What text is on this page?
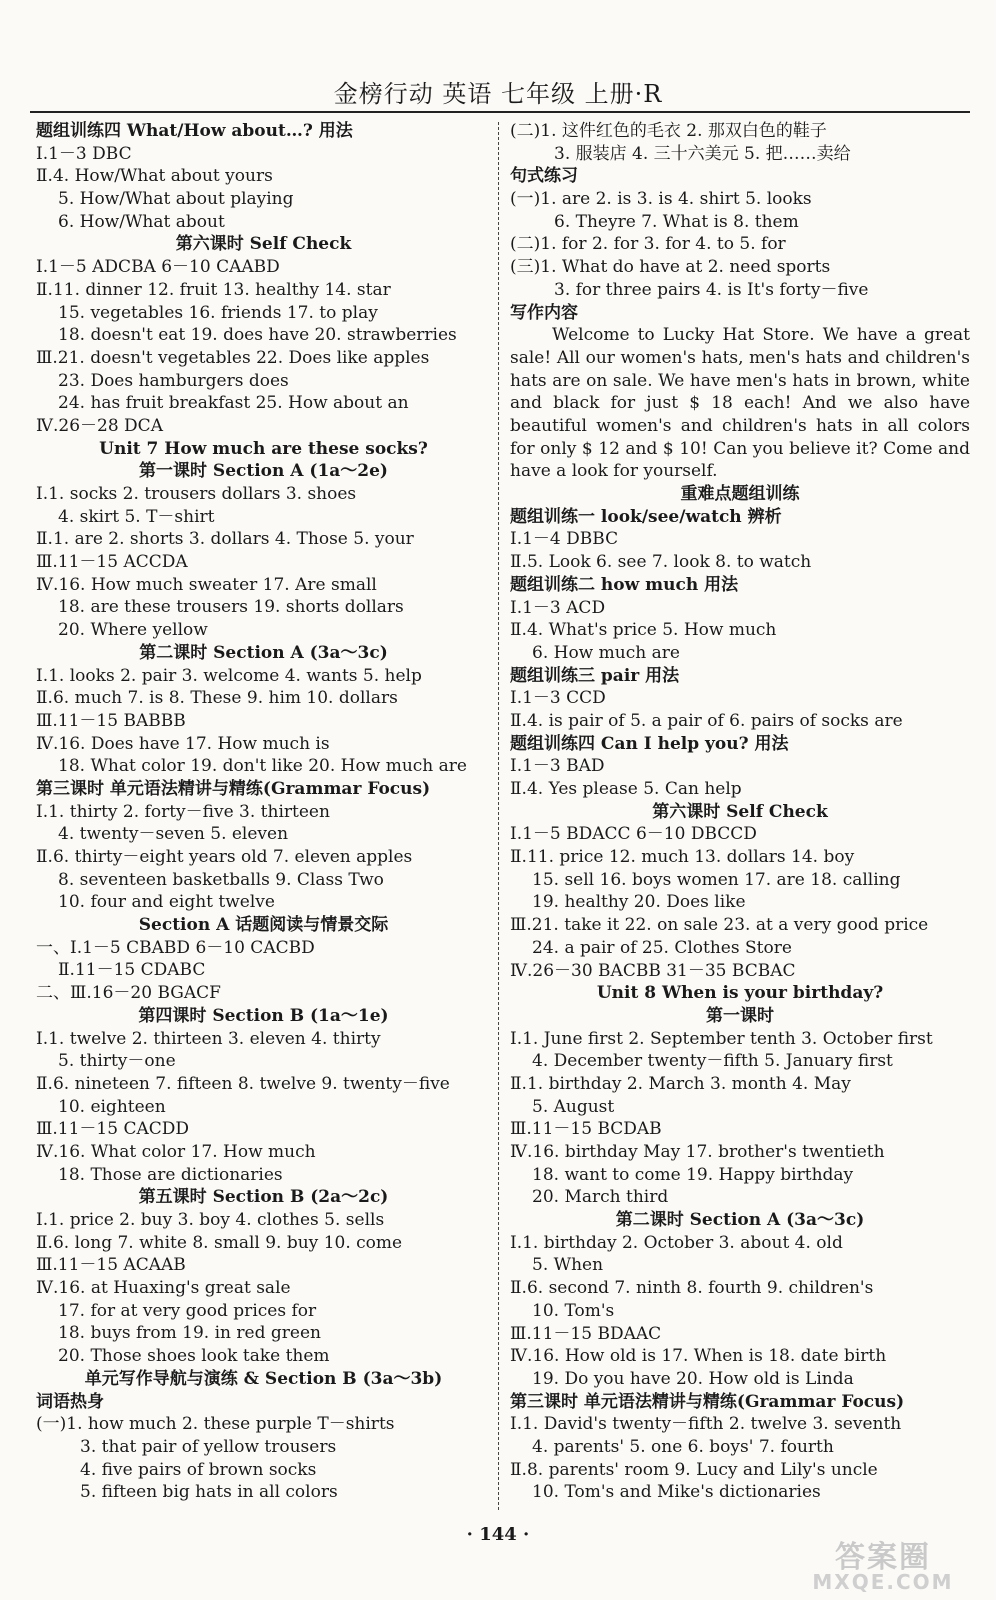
金榜行动 英语 七年级 上册·R
题组训练四 What/How about…? 用法
Ⅰ.1－3 DBC
Ⅱ.4. How/What about yours
5. How/What about playing
6. How/What about
第六课时 Self Check
Ⅰ.1－5 ADCBA 6－10 CAABD
Ⅱ.11. dinner 12. fruit 13. healthy 14. star
15. vegetables 16. friends 17. to play
18. doesn't eat 19. does have 20. strawberries
Ⅲ.21. doesn't vegetables 22. Does like apples
23. Does hamburgers does
24. has fruit breakfast 25. How about an
Ⅳ.26－28 DCA
Unit 7 How much are these socks?
第一课时 Section A (1a～2e)
Ⅰ.1. socks 2. trousers dollars 3. shoes
4. skirt 5. T－shirt
Ⅱ.1. are 2. shorts 3. dollars 4. Those 5. your
Ⅲ.11－15 ACCDA
Ⅳ.16. How much sweater 17. Are small
18. are these trousers 19. shorts dollars
20. Where yellow
第二课时 Section A (3a～3c)
Ⅰ.1. looks 2. pair 3. welcome 4. wants 5. help
Ⅱ.6. much 7. is 8. These 9. him 10. dollars
Ⅲ.11－15 BABBB
Ⅳ.16. Does have 17. How much is
18. What color 19. don't like 20. How much are
第三课时 单元语法精讲与精练(Grammar Focus)
Ⅰ.1. thirty 2. forty－five 3. thirteen
4. twenty－seven 5. eleven
Ⅱ.6. thirty－eight years old 7. eleven apples
8. seventeen basketballs 9. Class Two
10. four and eight twelve
Section A 话题阅读与情景交际
一、Ⅰ.1－5 CBABD 6－10 CACBD
Ⅱ.11－15 CDABC
二、Ⅲ.16－20 BGACF
第四课时 Section B (1a～1e)
Ⅰ.1. twelve 2. thirteen 3. eleven 4. thirty
5. thirty－one
Ⅱ.6. nineteen 7. fifteen 8. twelve 9. twenty－five
10. eighteen
Ⅲ.11－15 CACDD
Ⅳ.16. What color 17. How much
18. Those are dictionaries
第五课时 Section B (2a～2c)
Ⅰ.1. price 2. buy 3. boy 4. clothes 5. sells
Ⅱ.6. long 7. white 8. small 9. buy 10. come
Ⅲ.11－15 ACAAB
Ⅳ.16. at Huaxing's great sale
17. for at very good prices for
18. buys from 19. in red green
20. Those shoes look take them
单元写作导航与演练 & Section B (3a～3b)
词语热身
(一)1. how much 2. these purple T－shirts
3. that pair of yellow trousers
4. five pairs of brown socks
5. fifteen big hats in all colors
(二)1. 这件红色的毛衣 2. 那双白色的鞋子
3. 服装店 4. 三十六美元 5. 把……卖给
句式练习
(一)1. are 2. is 3. is 4. shirt 5. looks
6. Theyre 7. What is 8. them
(二)1. for 2. for 3. for 4. to 5. for
(三)1. What do have at 2. need sports
3. for three pairs 4. is It's forty－five
写作内容
Welcome to Lucky Hat Store. We have a great sale! All our women's hats, men's hats and children's hats are on sale. We have men's hats in brown, white and black for just $ 18 each! And we also have beautiful women's and children's hats in all colors for only $ 12 and $ 10! Can you believe it? Come and have a look for yourself.
重难点题组训练
题组训练一 look/see/watch 辨析
Ⅰ.1－4 DBBC
Ⅱ.5. Look 6. see 7. look 8. to watch
题组训练二 how much 用法
Ⅰ.1－3 ACD
Ⅱ.4. What's price 5. How much
6. How much are
题组训练三 pair 用法
Ⅰ.1－3 CCD
Ⅱ.4. is pair of 5. a pair of 6. pairs of socks are
题组训练四 Can I help you? 用法
Ⅰ.1－3 BAD
Ⅱ.4. Yes please 5. Can help
第六课时 Self Check
Ⅰ.1－5 BDACC 6－10 DBCCD
Ⅱ.11. price 12. much 13. dollars 14. boy
15. sell 16. boys women 17. are 18. calling
19. healthy 20. Does like
Ⅲ.21. take it 22. on sale 23. at a very good price
24. a pair of 25. Clothes Store
Ⅳ.26－30 BACBB 31－35 BCBAC
Unit 8 When is your birthday?
第一课时
Ⅰ.1. June first 2. September tenth 3. October first
4. December twenty－fifth 5. January first
Ⅱ.1. birthday 2. March 3. month 4. May
5. August
Ⅲ.11－15 BCDAB
Ⅳ.16. birthday May 17. brother's twentieth
18. want to come 19. Happy birthday
20. March third
第二课时 Section A (3a～3c)
Ⅰ.1. birthday 2. October 3. about 4. old
5. When
Ⅱ.6. second 7. ninth 8. fourth 9. children's
10. Tom's
Ⅲ.11－15 BDAAC
Ⅳ.16. How old is 17. When is 18. date birth
19. Do you have 20. How old is Linda
第三课时 单元语法精讲与精练(Grammar Focus)
Ⅰ.1. David's twenty－fifth 2. twelve 3. seventh
4. parents' 5. one 6. boys' 7. fourth
Ⅱ.8. parents' room 9. Lucy and Lily's uncle
10. Tom's and Mike's dictionaries
· 144 ·
答案圈
MXQE.COM
